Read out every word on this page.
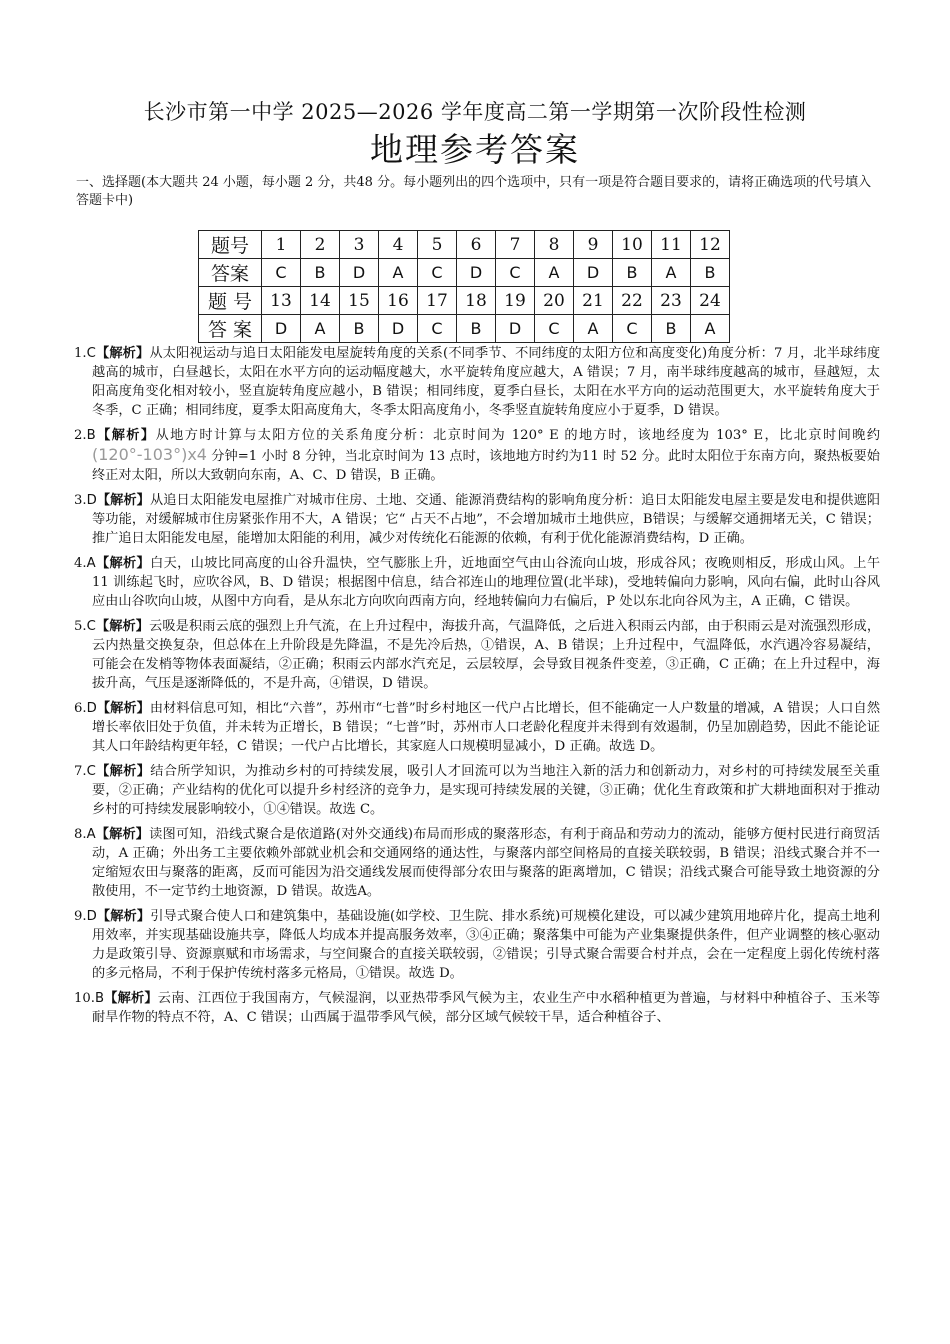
长沙市第一中学 2025—2026 学年度高二第一学期第一次阶段性检测
地理参考答案
一、选择题(本大题共 24 小题，每小题 2 分，共48 分。每小题列出的四个选项中，只有一项是符合题目要求的，请将正确选项的代号填入答题卡中)
题号	1	2	3	4	5	6	7	8	9	10	11	12
答案	C	B	D	A	C	D	C	A	D	B	A	B
题 号	13	14	15	16	17	18	19	20	21	22	23	24
答 案	D	A	B	D	C	B	D	C	A	C	B	A

1.C【解析】从太阳视运动与追日太阳能发电屋旋转角度的关系(不同季节、不同纬度的太阳方位和高度变化)角度分析：7 月，北半球纬度越高的城市，白昼越长，太阳在水平方向的运动幅度越大，水平旋转角度应越大，A 错误；7 月，南半球纬度越高的城市，昼越短，太阳高度角变化相对较小，竖直旋转角度应越小，B 错误；相同纬度，夏季白昼长，太阳在水平方向的运动范围更大，水平旋转角度大于冬季，C 正确；相同纬度，夏季太阳高度角大，冬季太阳高度角小，冬季竖直旋转角度应小于夏季，D 错误。

2.B【解析】从地方时计算与太阳方位的关系角度分析：北京时间为 120° E 的地方时，该地经度为 103° E，比北京时间晚约 (120°-103°)x4 分钟=1 小时 8 分钟，当北京时间为 13 点时，该地地方时约为11 时 52 分。此时太阳位于东南方向，聚热板要始终正对太阳，所以大致朝向东南，A、C、D 错误，B 正确。

3.D【解析】从追日太阳能发电屋推广对城市住房、土地、交通、能源消费结构的影响角度分析：追日太阳能发电屋主要是发电和提供遮阳等功能，对缓解城市住房紧张作用不大，A 错误；它“ 占天不占地”，不会增加城市土地供应，B错误；与缓解交通拥堵无关，C 错误；推广追日太阳能发电屋，能增加太阳能的利用，减少对传统化石能源的依赖，有利于优化能源消费结构，D 正确。

4.A【解析】白天，山坡比同高度的山谷升温快，空气膨胀上升，近地面空气由山谷流向山坡，形成谷风；夜晚则相反，形成山风。上午 11 训练起飞时，应吹谷风，B、D 错误；根据图中信息，结合祁连山的地理位置(北半球)，受地转偏向力影响，风向右偏，此时山谷风应由山谷吹向山坡，从图中方向看，是从东北方向吹向西南方向，经地转偏向力右偏后，P 处以东北向谷风为主，A 正确，C 错误。

5.C【解析】云吸是积雨云底的强烈上升气流，在上升过程中，海拔升高，气温降低，之后进入积雨云内部，由于积雨云是对流强烈形成，云内热量交换复杂，但总体在上升阶段是先降温，不是先冷后热，①错误，A、B 错误；上升过程中，气温降低，水汽遇冷容易凝结，可能会在发梢等物体表面凝结，②正确；积雨云内部水汽充足，云层较厚，会导致目视条件变差，③正确，C 正确；在上升过程中，海拔升高，气压是逐渐降低的，不是升高，④错误，D 错误。

6.D【解析】由材料信息可知，相比“六普”，苏州市“七普”时乡村地区一代户占比增长，但不能确定一人户数量的增减，A 错误；人口自然增长率依旧处于负值，并未转为正增长，B 错误；“七普”时，苏州市人口老龄化程度并未得到有效遏制，仍呈加剧趋势，因此不能论证其人口年龄结构更年轻，C 错误；一代户占比增长，其家庭人口规模明显减小，D 正确。故选 D。

7.C【解析】结合所学知识，为推动乡村的可持续发展，吸引人才回流可以为当地注入新的活力和创新动力，对乡村的可持续发展至关重要，②正确；产业结构的优化可以提升乡村经济的竞争力，是实现可持续发展的关键，③正确；优化生育政策和扩大耕地面积对于推动乡村的可持续发展影响较小，①④错误。故选 C。

8.A【解析】读图可知，沿线式聚合是依道路(对外交通线)布局而形成的聚落形态，有利于商品和劳动力的流动，能够方便村民进行商贸活动，A 正确；外出务工主要依赖外部就业机会和交通网络的通达性，与聚落内部空间格局的直接关联较弱，B 错误；沿线式聚合并不一定缩短农田与聚落的距离，反而可能因为沿交通线发展而使得部分农田与聚落的距离增加，C 错误；沿线式聚合可能导致土地资源的分散使用，不一定节约土地资源，D 错误。故选A。

9.D【解析】引导式聚合使人口和建筑集中，基础设施(如学校、卫生院、排水系统)可规模化建设，可以减少建筑用地碎片化，提高土地利用效率，并实现基础设施共享，降低人均成本并提高服务效率，③④正确；聚落集中可能为产业集聚提供条件，但产业调整的核心驱动力是政策引导、资源禀赋和市场需求，与空间聚合的直接关联较弱，②错误；引导式聚合需要合村并点，会在一定程度上弱化传统村落的多元格局，不利于保护传统村落多元格局，①错误。故选 D。

10.B【解析】云南、江西位于我国南方，气候湿润，以亚热带季风气候为主，农业生产中水稻种植更为普遍，与材料中种植谷子、玉米等耐旱作物的特点不符，A、C 错误；山西属于温带季风气候，部分区域气候较干旱，适合种植谷子、
